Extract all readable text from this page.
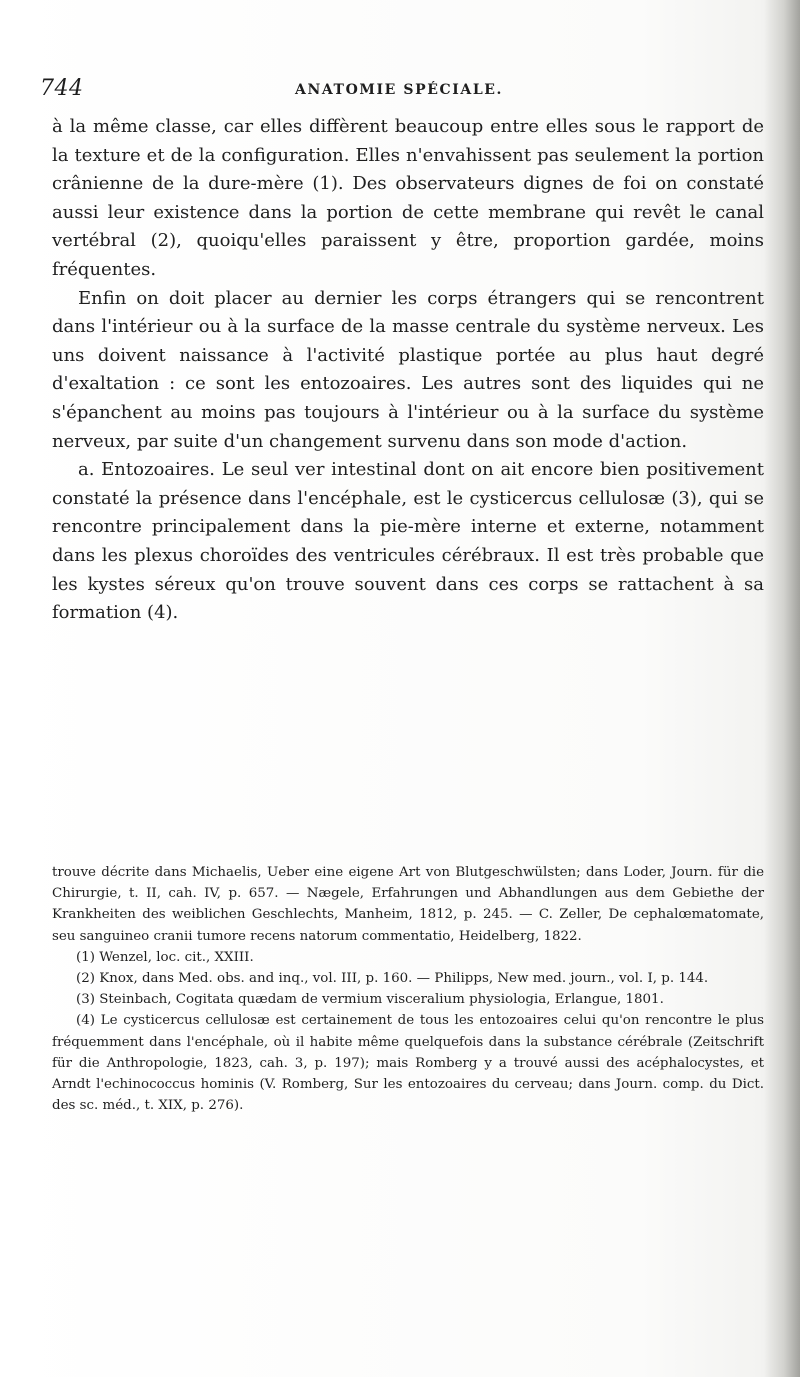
744	ANATOMIE SPÉCIALE.

à la même classe, car elles diffèrent beaucoup entre elles sous le rapport de la texture et de la configuration. Elles n'envahissent pas seulement la portion crânienne de la dure-mère (1). Des observateurs dignes de foi on constaté aussi leur existence dans la portion de cette membrane qui revêt le canal vertébral (2), quoiqu'elles paraissent y être, proportion gardée, moins fréquentes.

Enfin on doit placer au dernier les corps étrangers qui se rencontrent dans l'intérieur ou à la surface de la masse centrale du système nerveux. Les uns doivent naissance à l'activité plastique portée au plus haut degré d'exaltation : ce sont les entozoaires. Les autres sont des liquides qui ne s'épanchent au moins pas toujours à l'intérieur ou à la surface du système nerveux, par suite d'un changement survenu dans son mode d'action.

a. Entozoaires. Le seul ver intestinal dont on ait encore bien positivement constaté la présence dans l'encéphale, est le cysticercus cellulosæ (3), qui se rencontre principalement dans la pie-mère interne et externe, notamment dans les plexus choroïdes des ventricules cérébraux. Il est très probable que les kystes séreux qu'on trouve souvent dans ces corps se rattachent à sa formation (4).

trouve décrite dans Michaelis, Ueber eine eigene Art von Blutgeschwülsten; dans Loder, Journ. für die Chirurgie, t. II, cah. IV, p. 657. — Nægele, Erfahrungen und Abhandlungen aus dem Gebiethe der Krankheiten des weiblichen Geschlechts, Manheim, 1812, p. 245. — C. Zeller, De cephalœmatomate, seu sanguineo cranii tumore recens natorum commentatio, Heidelberg, 1822.

(1) Wenzel, loc. cit., XXIII.

(2) Knox, dans Med. obs. and inq., vol. III, p. 160. — Philipps, New med. journ., vol. I, p. 144.

(3) Steinbach, Cogitata quædam de vermium visceralium physiologia, Erlangue, 1801.

(4) Le cysticercus cellulosæ est certainement de tous les entozoaires celui qu'on rencontre le plus fréquemment dans l'encéphale, où il habite même quelquefois dans la substance cérébrale (Zeitschrift für die Anthropologie, 1823, cah. 3, p. 197); mais Romberg y a trouvé aussi des acéphalocystes, et Arndt l'echinococcus hominis (V. Romberg, Sur les entozoaires du cerveau; dans Journ. comp. du Dict. des sc. méd., t. XIX, p. 276).
